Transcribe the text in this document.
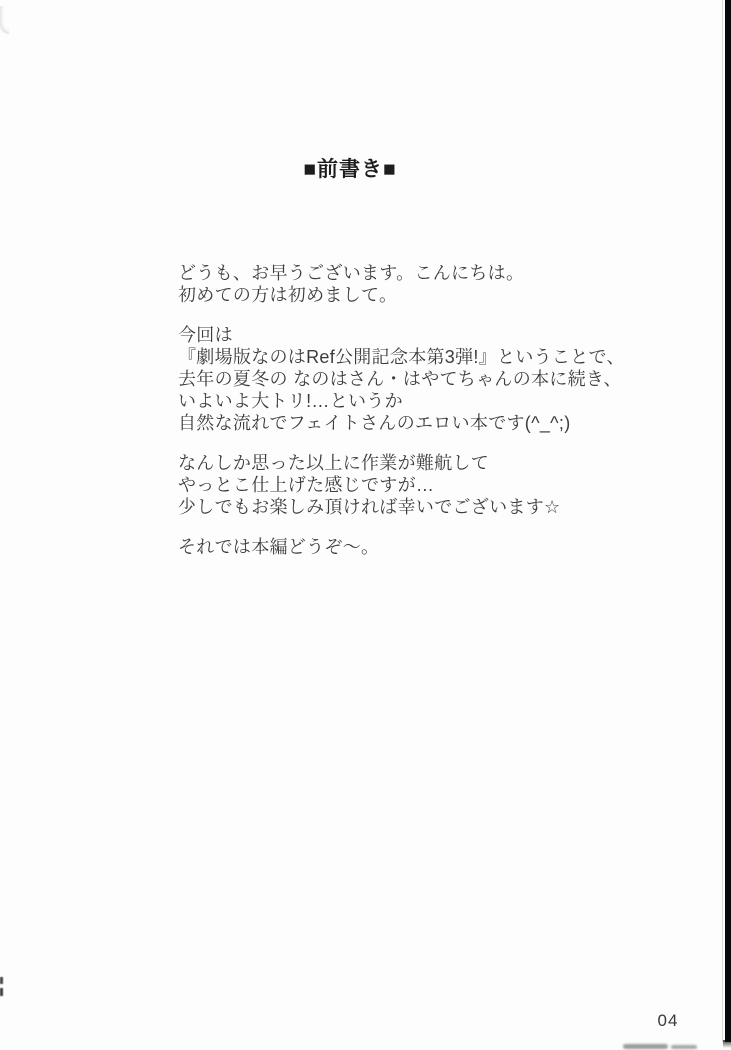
■前書き■
どうも、お早うございます。こんにちは。
初めての方は初めまして。
今回は
『劇場版なのはRef公開記念本第3弾!』ということで、
去年の夏冬の なのはさん・はやてちゃんの本に続き、
いよいよ大トリ!…というか
自然な流れでフェイトさんのエロい本です(^_^;)
なんしか思った以上に作業が難航して
やっとこ仕上げた感じですが…
少しでもお楽しみ頂ければ幸いでございます☆
それでは本編どうぞ〜。
04
